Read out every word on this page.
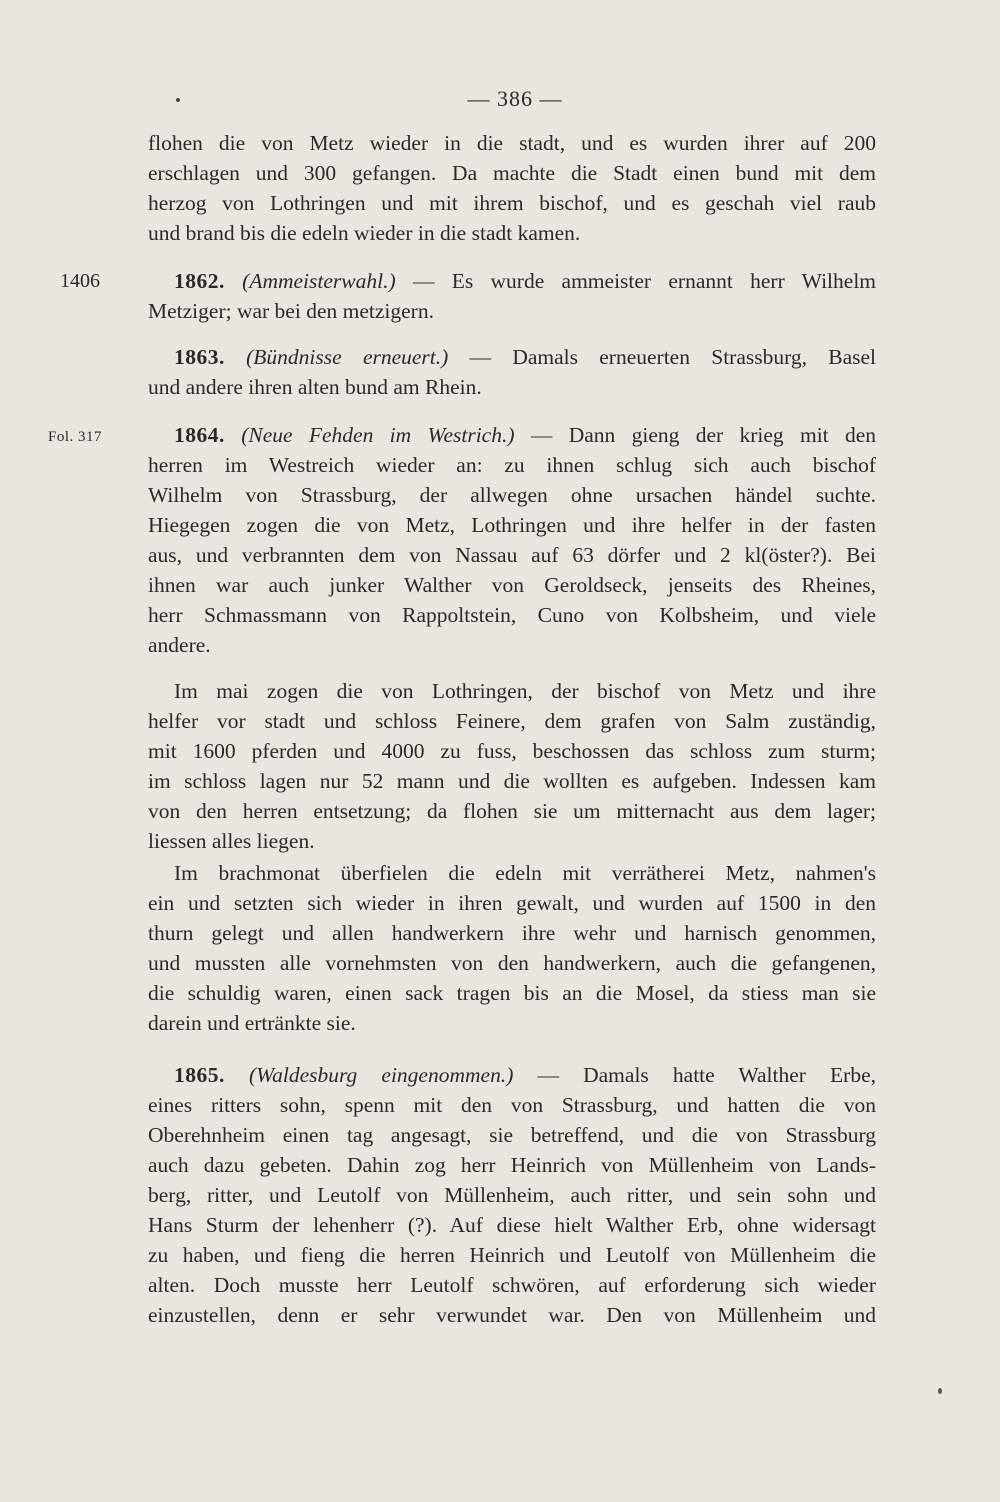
— 386 —
flohen die von Metz wieder in die stadt, und es wurden ihrer auf 200
erschlagen und 300 gefangen. Da machte die Stadt einen bund mit dem
herzog von Lothringen und mit ihrem bischof, und es geschah viel raub
und brand bis die edeln wieder in die stadt kamen.
1406	1862. (Ammeisterwahl.) — Es wurde ammeister ernannt herr Wilhelm
Metziger; war bei den metzigern.
1863. (Bündnisse erneuert.) — Damals erneuerten Strassburg, Basel
und andere ihren alten bund am Rhein.
Fol. 317	1864. (Neue Fehden im Westrich.) — Dann gieng der krieg mit den
herren im Westreich wieder an: zu ihnen schlug sich auch bischof
Wilhelm von Strassburg, der allwegen ohne ursachen händel suchte.
Hiegegen zogen die von Metz, Lothringen und ihre helfer in der fasten
aus, und verbrannten dem von Nassau auf 63 dörfer und 2 kl(öster?). Bei
ihnen war auch junker Walther von Geroldseck, jenseits des Rheines,
herr Schmassmann von Rappoltstein, Cuno von Kolbsheim, und viele
andere.
Im mai zogen die von Lothringen, der bischof von Metz und ihre
helfer vor stadt und schloss Feinere, dem grafen von Salm zuständig,
mit 1600 pferden und 4000 zu fuss, beschossen das schloss zum sturm;
im schloss lagen nur 52 mann und die wollten es aufgeben. Indessen kam
von den herren entsetzung; da flohen sie um mitternacht aus dem lager;
liessen alles liegen.
Im brachmonat überfielen die edeln mit verrätherei Metz, nahmen's
ein und setzten sich wieder in ihren gewalt, und wurden auf 1500 in den
thurn gelegt und allen handwerkern ihre wehr und harnisch genommen,
und mussten alle vornehmsten von den handwerkern, auch die gefangenen,
die schuldig waren, einen sack tragen bis an die Mosel, da stiess man sie
darein und ertränkte sie.
1865. (Waldesburg eingenommen.) — Damals hatte Walther Erbe,
eines ritters sohn, spenn mit den von Strassburg, und hatten die von
Oberehnheim einen tag angesagt, sie betreffend, und die von Strassburg
auch dazu gebeten. Dahin zog herr Heinrich von Müllenheim von Lands-
berg, ritter, und Leutolf von Müllenheim, auch ritter, und sein sohn und
Hans Sturm der lehenherr (?). Auf diese hielt Walther Erb, ohne widersagt
zu haben, und fieng die herren Heinrich und Leutolf von Müllenheim die
alten. Doch musste herr Leutolf schwören, auf erforderung sich wieder
einzustellen, denn er sehr verwundet war. Den von Müllenheim und
